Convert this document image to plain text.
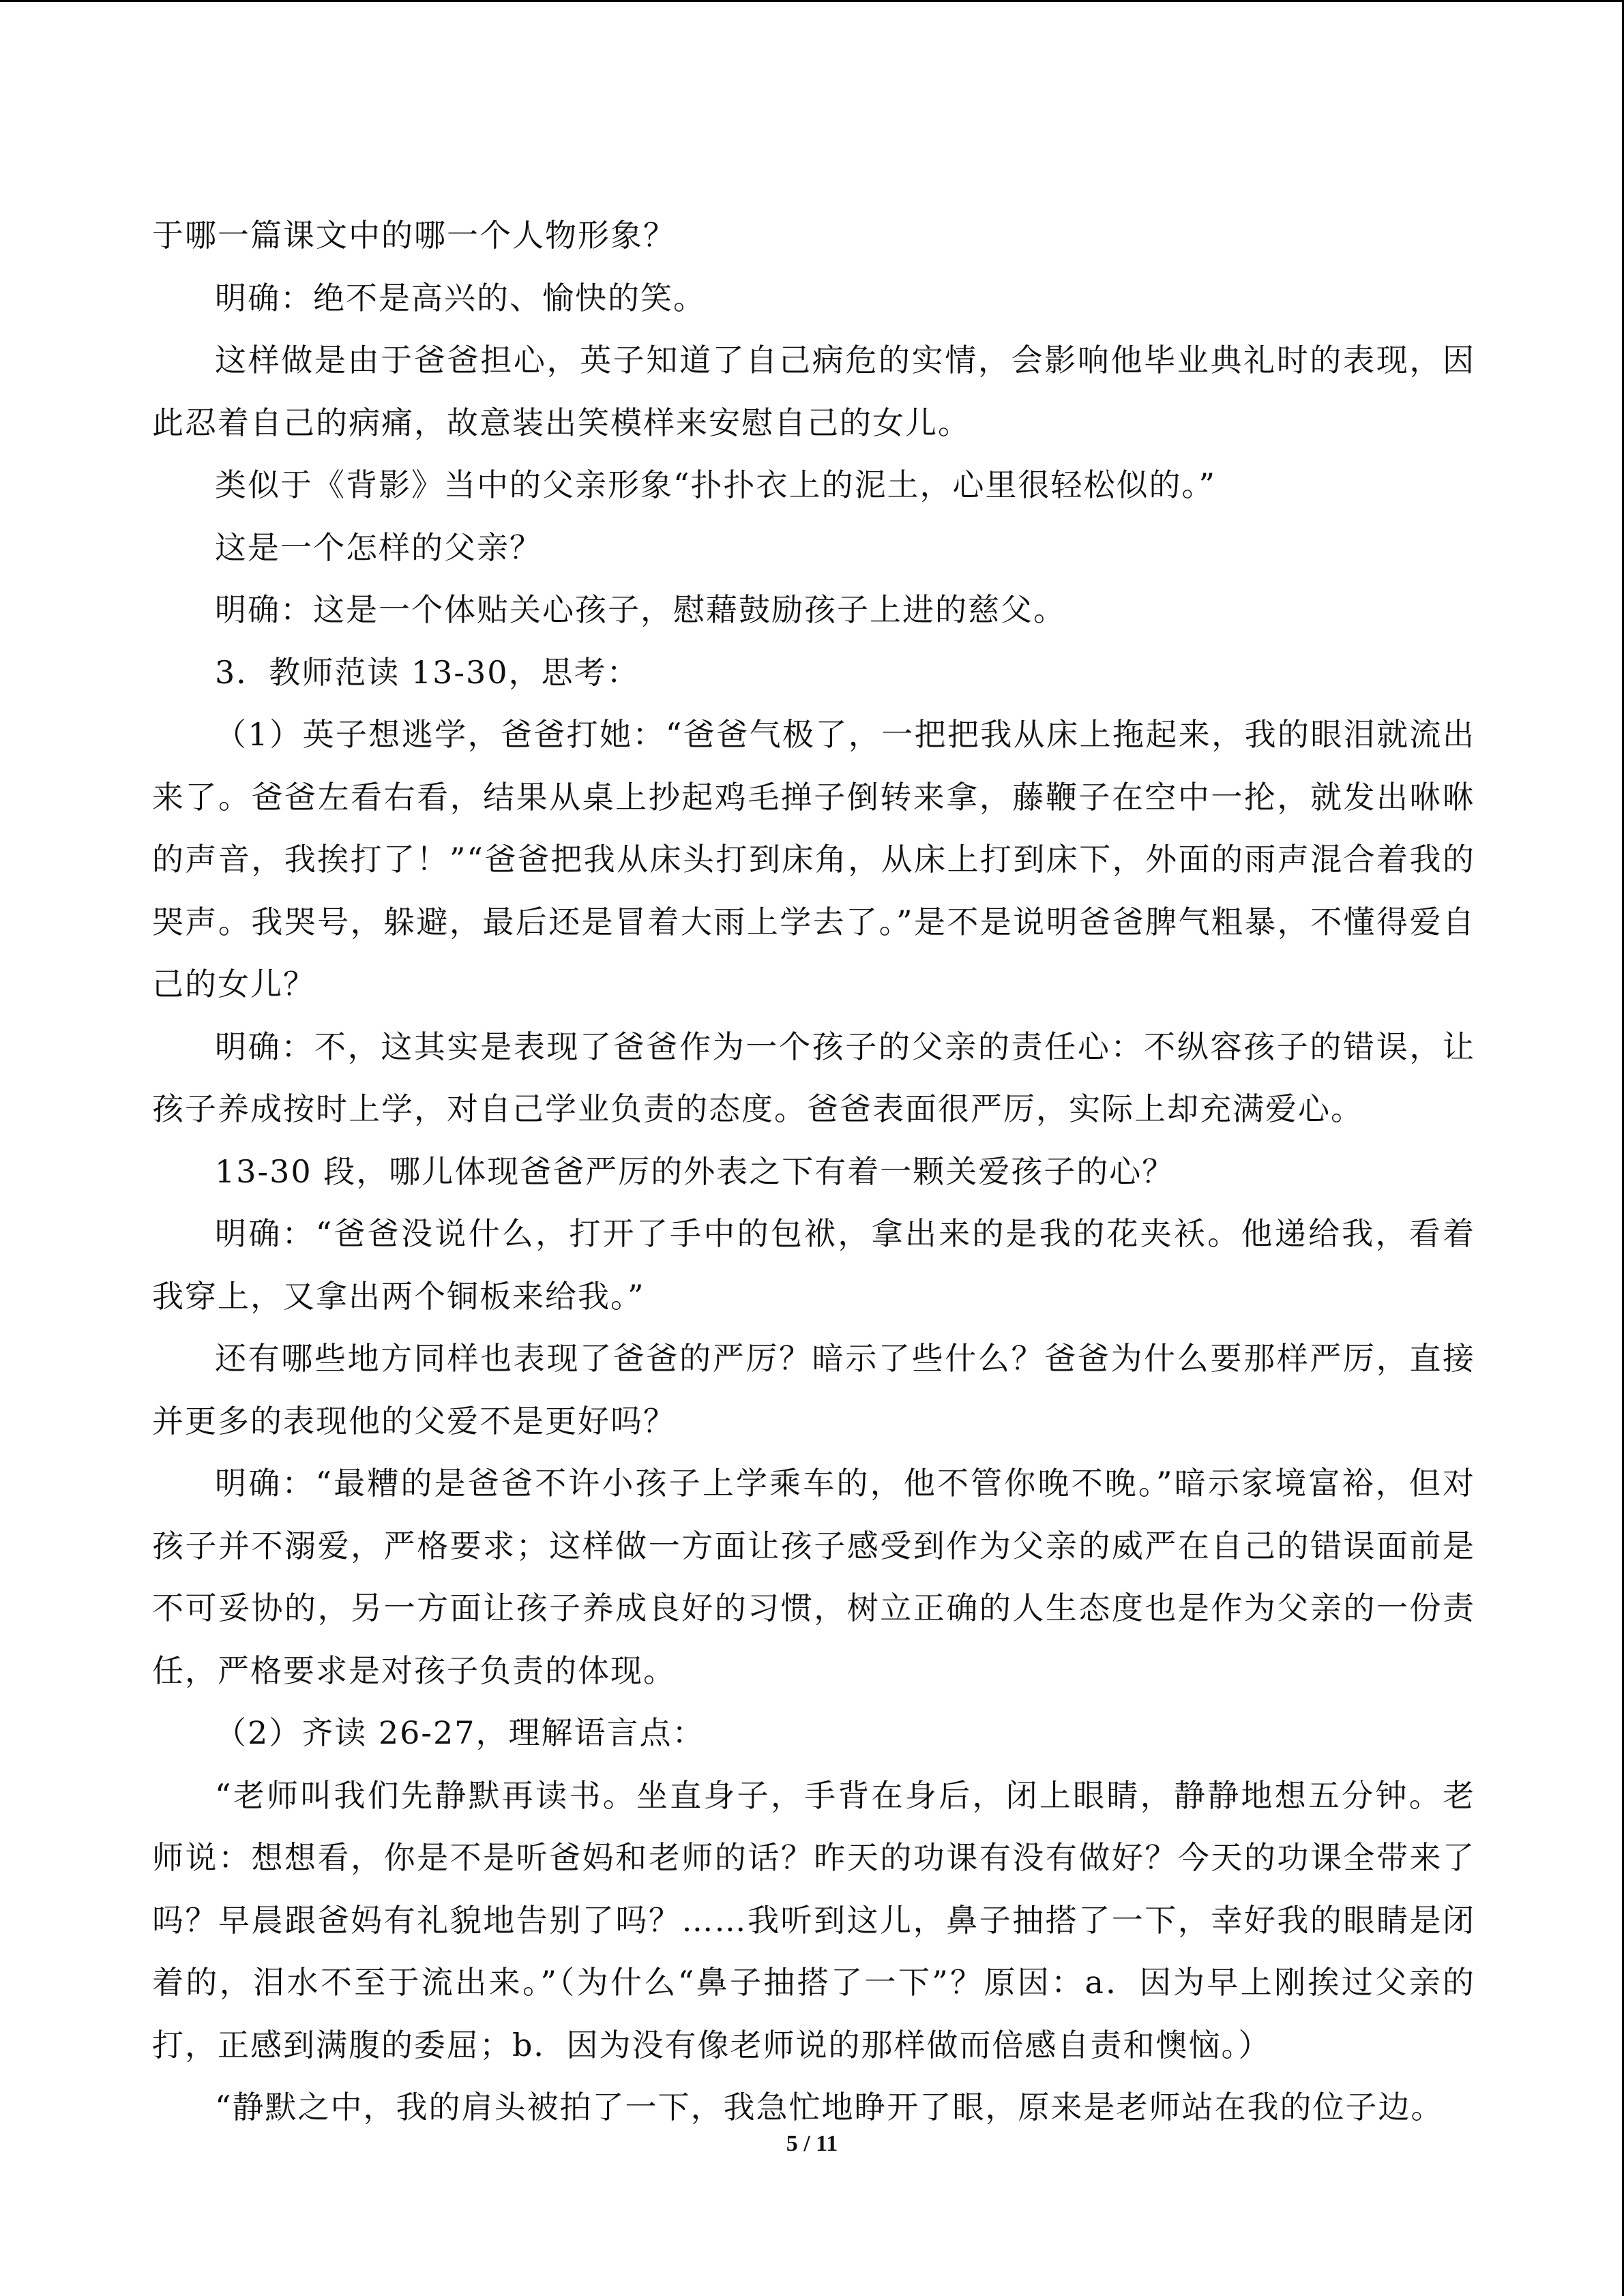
于哪一篇课文中的哪一个人物形象？

明确：绝不是高兴的、愉快的笑。

这样做是由于爸爸担心，英子知道了自己病危的实情，会影响他毕业典礼时的表现，因此忍着自己的病痛，故意装出笑模样来安慰自己的女儿。

类似于《背影》当中的父亲形象“扑扑衣上的泥土，心里很轻松似的。”

这是一个怎样的父亲？

明确：这是一个体贴关心孩子，慰藉鼓励孩子上进的慈父。

3．教师范读 13-30，思考：

（1）英子想逃学，爸爸打她：“爸爸气极了，一把把我从床上拖起来，我的眼泪就流出来了。爸爸左看右看，结果从桌上抄起鸡毛掸子倒转来拿，藤鞭子在空中一抡，就发出咻咻的声音，我挨打了！”“爸爸把我从床头打到床角，从床上打到床下，外面的雨声混合着我的哭声。我哭号，躲避，最后还是冒着大雨上学去了。”是不是说明爸爸脾气粗暴，不懂得爱自己的女儿？

明确：不，这其实是表现了爸爸作为一个孩子的父亲的责任心：不纵容孩子的错误，让孩子养成按时上学，对自己学业负责的态度。爸爸表面很严厉，实际上却充满爱心。

13-30 段，哪儿体现爸爸严厉的外表之下有着一颗关爱孩子的心？

明确：“爸爸没说什么，打开了手中的包袱，拿出来的是我的花夹袄。他递给我，看着我穿上，又拿出两个铜板来给我。”

还有哪些地方同样也表现了爸爸的严厉？暗示了些什么？爸爸为什么要那样严厉，直接并更多的表现他的父爱不是更好吗？

明确：“最糟的是爸爸不许小孩子上学乘车的，他不管你晚不晚。”暗示家境富裕，但对孩子并不溺爱，严格要求；这样做一方面让孩子感受到作为父亲的威严在自己的错误面前是不可妥协的，另一方面让孩子养成良好的习惯，树立正确的人生态度也是作为父亲的一份责任，严格要求是对孩子负责的体现。

（2）齐读 26-27，理解语言点：

“老师叫我们先静默再读书。坐直身子，手背在身后，闭上眼睛，静静地想五分钟。老师说：想想看，你是不是听爸妈和老师的话？昨天的功课有没有做好？今天的功课全带来了吗？早晨跟爸妈有礼貌地告别了吗？……我听到这儿，鼻子抽搭了一下，幸好我的眼睛是闭着的，泪水不至于流出来。”（为什么“鼻子抽搭了一下”？原因：a．因为早上刚挨过父亲的打，正感到满腹的委屈；b．因为没有像老师说的那样做而倍感自责和懊恼。）

“静默之中，我的肩头被拍了一下，我急忙地睁开了眼，原来是老师站在我的位子边。

5 / 11
